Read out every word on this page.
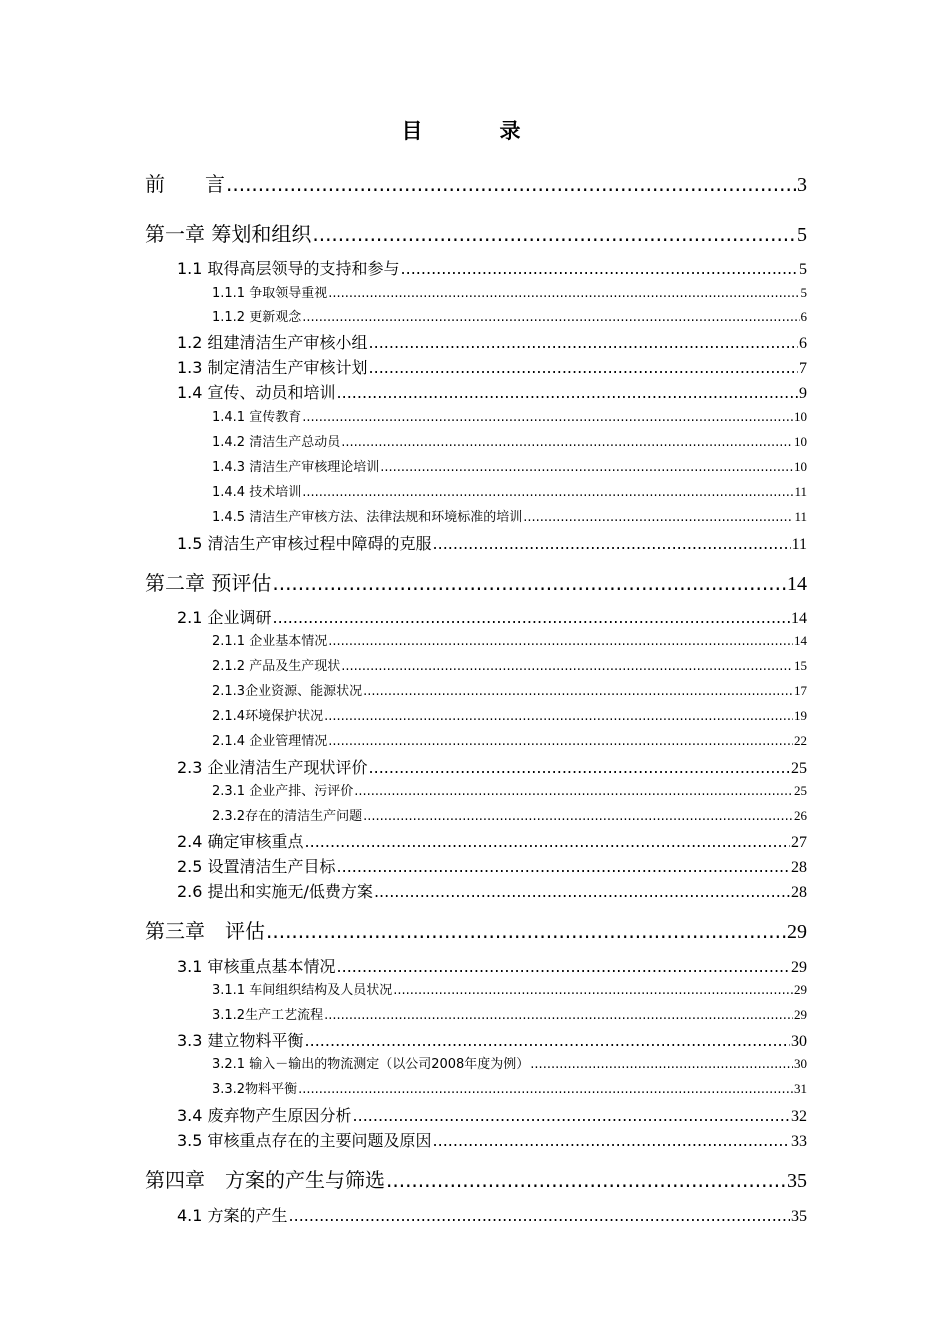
目　录
前　　言 .....	3
第一章 筹划和组织 .....	5
1.1 取得高层领导的支持和参与 .....	5
1.1.1 争取领导重视 .....	5
1.1.2 更新观念 .....	6
1.2 组建清洁生产审核小组 .....	6
1.3 制定清洁生产审核计划 .....	7
1.4 宣传、动员和培训 .....	9
1.4.1 宣传教育 .....	10
1.4.2 清洁生产总动员 .....	10
1.4.3 清洁生产审核理论培训 .....	10
1.4.4 技术培训 .....	11
1.4.5 清洁生产审核方法、法律法规和环境标准的培训 .....	11
1.5 清洁生产审核过程中障碍的克服 .....	11
第二章 预评估 .....	14
2.1 企业调研 .....	14
2.1.1 企业基本情况 .....	14
2.1.2 产品及生产现状 .....	15
2.1.3企业资源、能源状况 .....	17
2.1.4环境保护状况 .....	19
2.1.4 企业管理情况 .....	22
2.3 企业清洁生产现状评价 .....	25
2.3.1 企业产排、污评价 .....	25
2.3.2存在的清洁生产问题 .....	26
2.4 确定审核重点 .....	27
2.5 设置清洁生产目标 .....	28
2.6 提出和实施无/低费方案 .....	28
第三章　评估 .....	29
3.1 审核重点基本情况 .....	29
3.1.1 车间组织结构及人员状况 .....	29
3.1.2生产工艺流程 .....	29
3.3 建立物料平衡 .....	30
3.2.1 输入－输出的物流测定（以公司2008年度为例） .....	30
3.3.2物料平衡 .....	31
3.4 废弃物产生原因分析 .....	32
3.5 审核重点存在的主要问题及原因 .....	33
第四章　方案的产生与筛选 .....	35
4.1 方案的产生 .....	35
